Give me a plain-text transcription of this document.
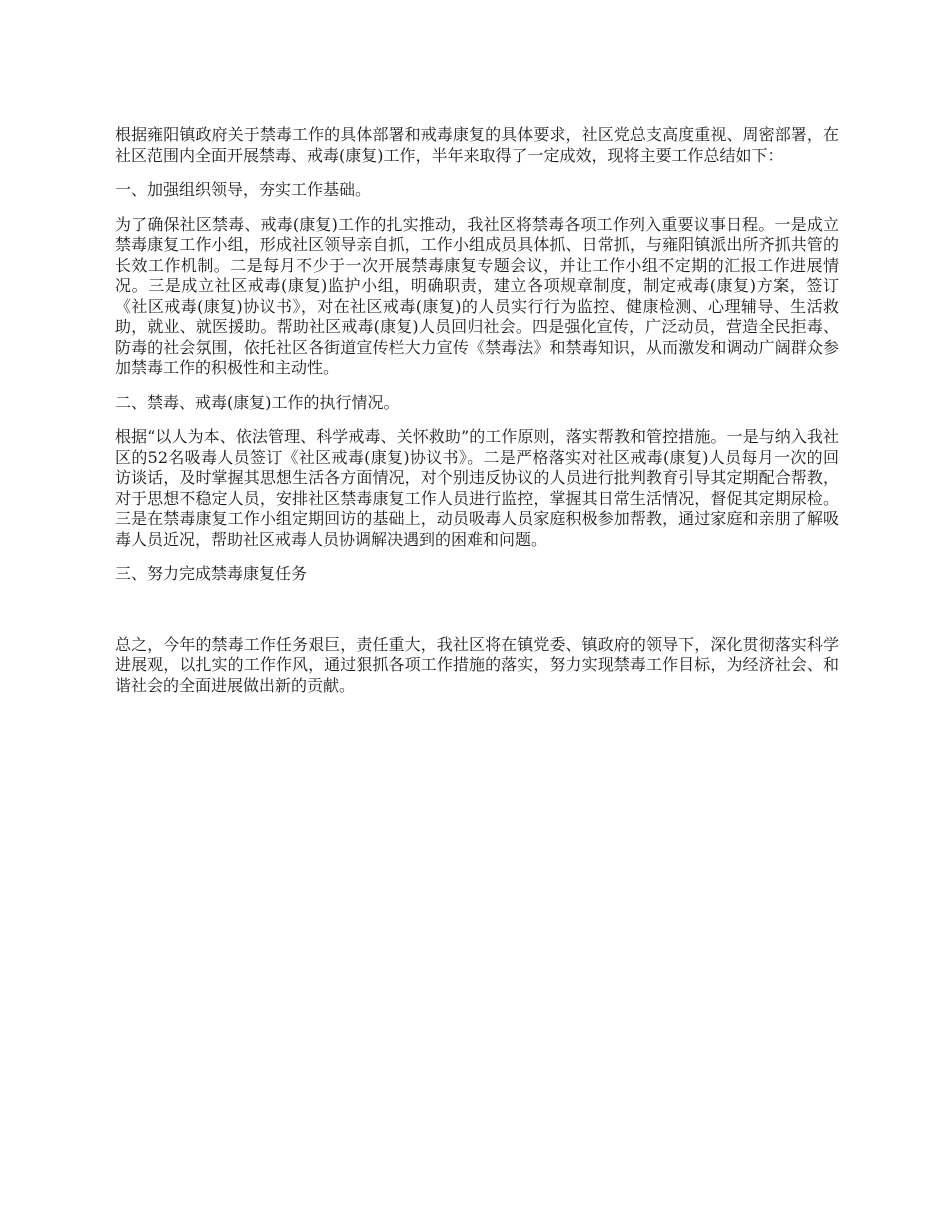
根据雍阳镇政府关于禁毒工作的具体部署和戒毒康复的具体要求，社区党总支高度重视、周密部署，在社区范围内全面开展禁毒、戒毒(康复)工作，半年来取得了一定成效，现将主要工作总结如下：

一、加强组织领导，夯实工作基础。

为了确保社区禁毒、戒毒(康复)工作的扎实推动，我社区将禁毒各项工作列入重要议事日程。一是成立禁毒康复工作小组，形成社区领导亲自抓，工作小组成员具体抓、日常抓，与雍阳镇派出所齐抓共管的长效工作机制。二是每月不少于一次开展禁毒康复专题会议，并让工作小组不定期的汇报工作进展情况。三是成立社区戒毒(康复)监护小组，明确职责，建立各项规章制度，制定戒毒(康复)方案，签订《社区戒毒(康复)协议书》，对在社区戒毒(康复)的人员实行行为监控、健康检测、心理辅导、生活救助，就业、就医援助。帮助社区戒毒(康复)人员回归社会。四是强化宣传，广泛动员，营造全民拒毒、防毒的社会氛围，依托社区各街道宣传栏大力宣传《禁毒法》和禁毒知识，从而激发和调动广阔群众参加禁毒工作的积极性和主动性。

二、禁毒、戒毒(康复)工作的执行情况。

根据“以人为本、依法管理、科学戒毒、关怀救助”的工作原则，落实帮教和管控措施。一是与纳入我社区的52名吸毒人员签订《社区戒毒(康复)协议书》。二是严格落实对社区戒毒(康复)人员每月一次的回访谈话，及时掌握其思想生活各方面情况，对个别违反协议的人员进行批判教育引导其定期配合帮教，对于思想不稳定人员，安排社区禁毒康复工作人员进行监控，掌握其日常生活情况，督促其定期尿检。三是在禁毒康复工作小组定期回访的基础上，动员吸毒人员家庭积极参加帮教，通过家庭和亲朋了解吸毒人员近况，帮助社区戒毒人员协调解决遇到的困难和问题。

三、努力完成禁毒康复任务

总之，今年的禁毒工作任务艰巨，责任重大，我社区将在镇党委、镇政府的领导下，深化贯彻落实科学进展观，以扎实的工作作风，通过狠抓各项工作措施的落实，努力实现禁毒工作目标，为经济社会、和谐社会的全面进展做出新的贡献。
